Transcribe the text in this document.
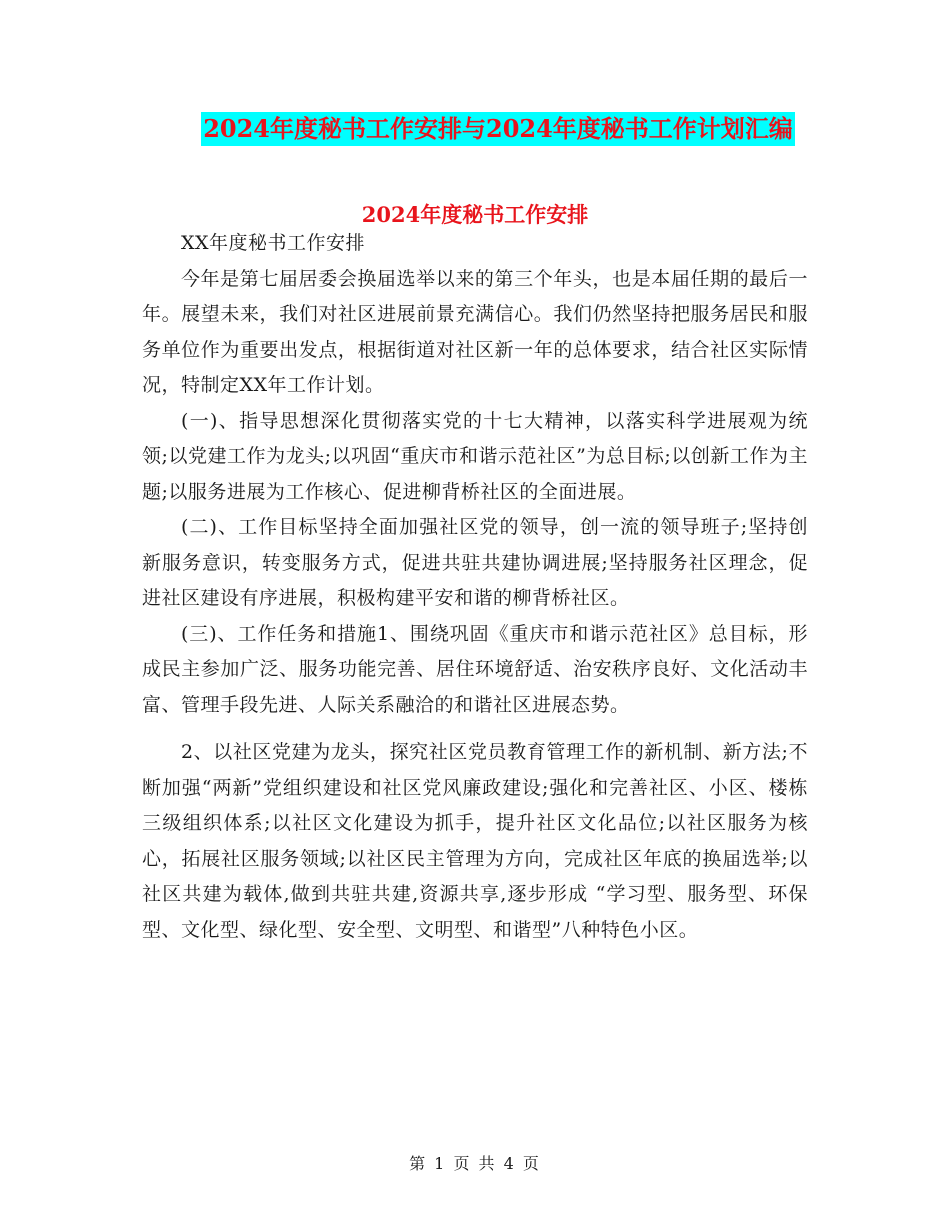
2024年度秘书工作安排与2024年度秘书工作计划汇编
2024年度秘书工作安排

XX年度秘书工作安排

今年是第七届居委会换届选举以来的第三个年头，也是本届任期的最后一年。展望未来，我们对社区进展前景充满信心。我们仍然坚持把服务居民和服务单位作为重要出发点，根据街道对社区新一年的总体要求，结合社区实际情况，特制定XX年工作计划。

(一)、指导思想深化贯彻落实党的十七大精神，以落实科学进展观为统领;以党建工作为龙头;以巩固“重庆市和谐示范社区”为总目标;以创新工作为主题;以服务进展为工作核心、促进柳背桥社区的全面进展。

(二)、工作目标坚持全面加强社区党的领导，创一流的领导班子;坚持创新服务意识，转变服务方式，促进共驻共建协调进展;坚持服务社区理念，促进社区建设有序进展，积极构建平安和谐的柳背桥社区。

(三)、工作任务和措施1、围绕巩固《重庆市和谐示范社区》总目标，形成民主参加广泛、服务功能完善、居住环境舒适、治安秩序良好、文化活动丰富、管理手段先进、人际关系融洽的和谐社区进展态势。

2、以社区党建为龙头，探究社区党员教育管理工作的新机制、新方法;不断加强“两新”党组织建设和社区党风廉政建设;强化和完善社区、小区、楼栋三级组织体系;以社区文化建设为抓手，提升社区文化品位;以社区服务为核心，拓展社区服务领域;以社区民主管理为方向，完成社区年底的换届选举;以社区共建为载体,做到共驻共建,资源共享,逐步形成 “学习型、服务型、环保型、文化型、绿化型、安全型、文明型、和谐型”八种特色小区。

第 1 页 共 4 页
